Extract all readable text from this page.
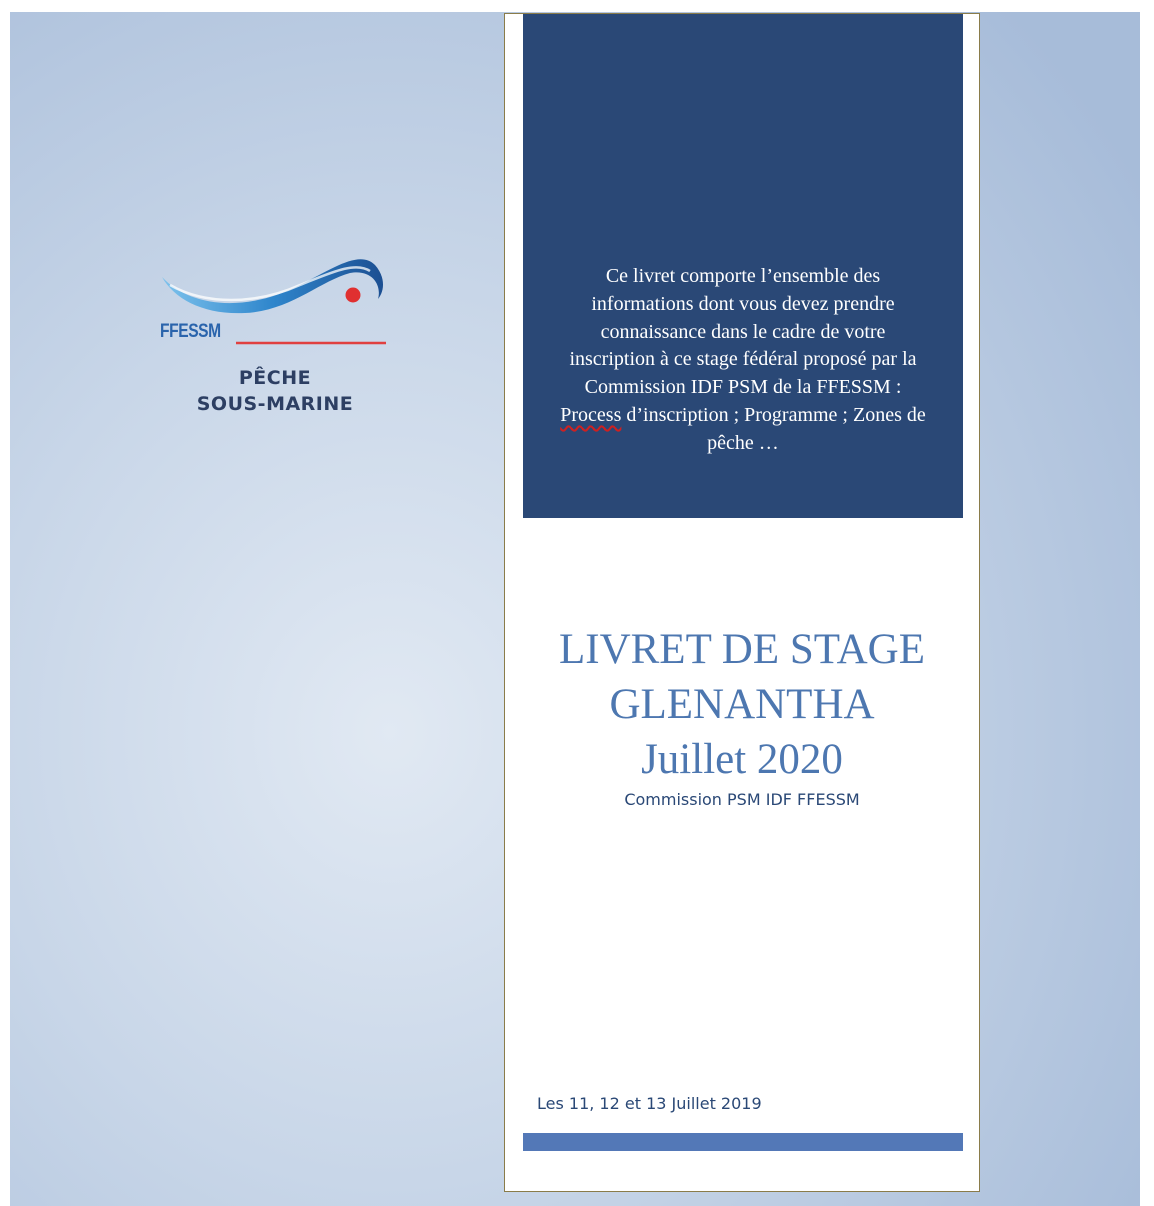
FFESSM
PÊCHE
SOUS-MARINE
Ce livret comporte l’ensemble des informations dont vous devez prendre connaissance dans le cadre de votre inscription à ce stage fédéral proposé par la Commission IDF PSM de la FFESSM : Process d’inscription ; Programme ; Zones de pêche …
LIVRET DE STAGE
GLENANTHA
Juillet 2020
Commission PSM IDF FFESSM
Les 11, 12 et 13 Juillet 2019
